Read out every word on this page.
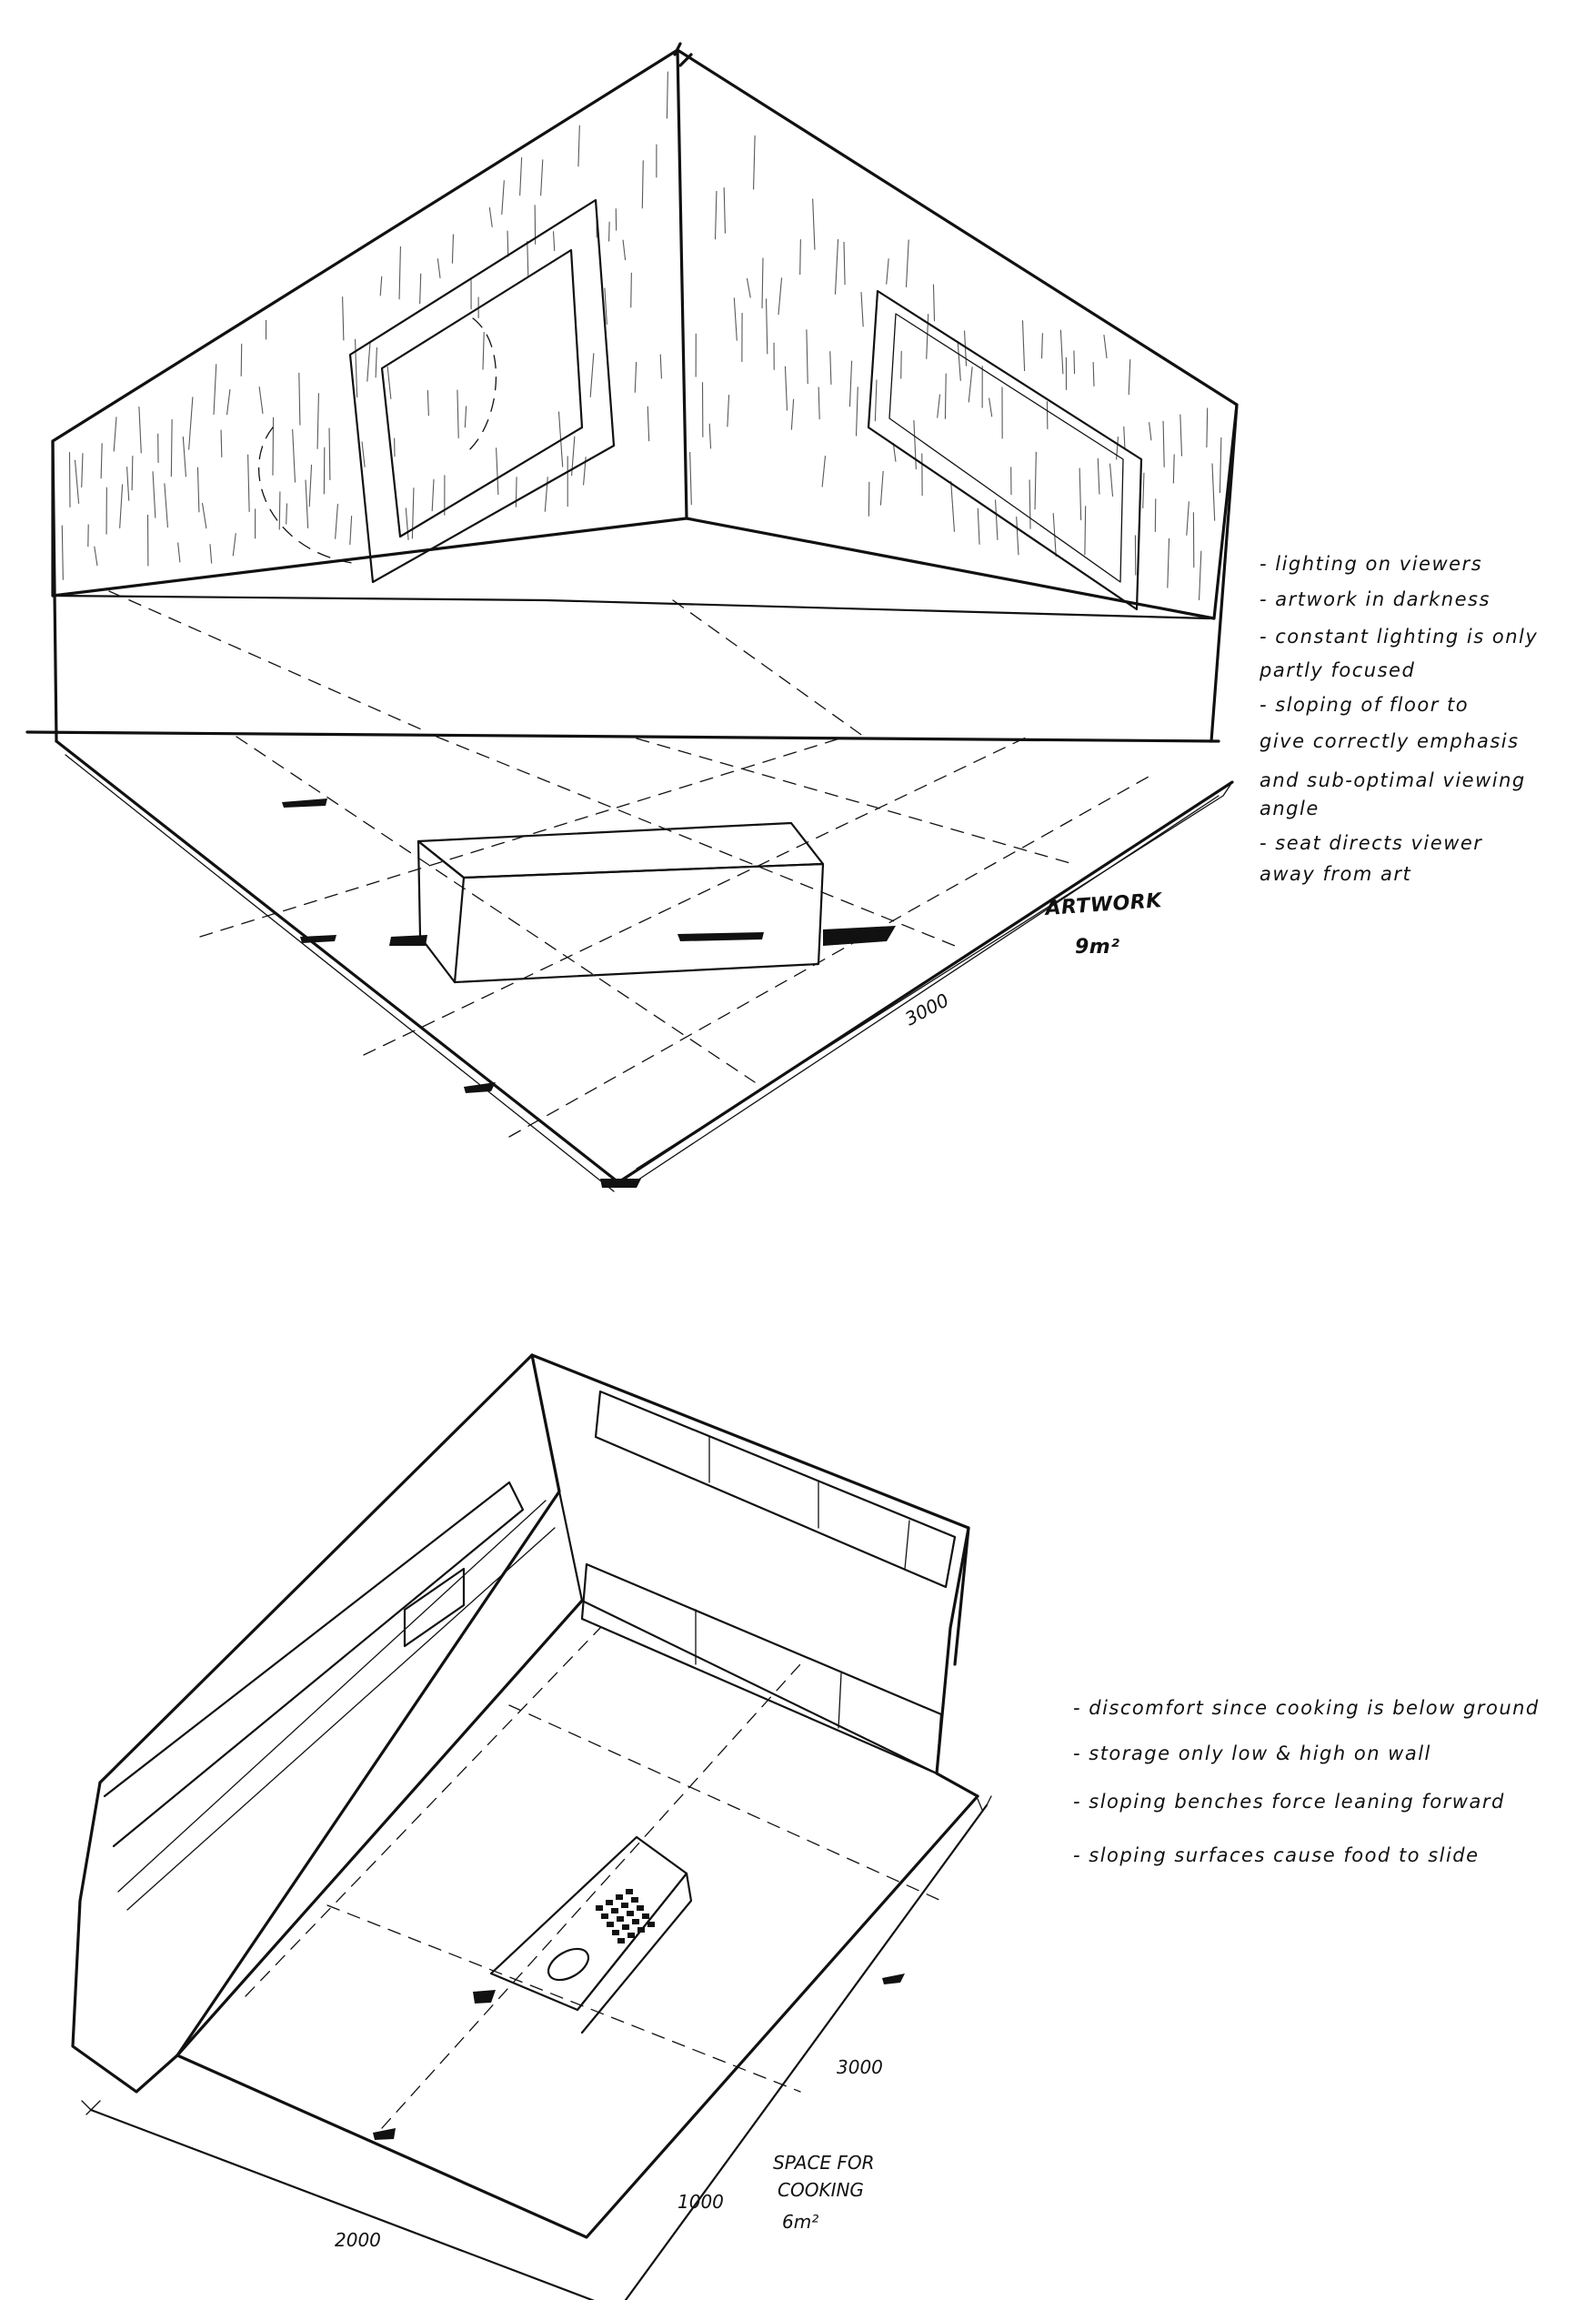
ARTWORK
9m²
3000
- lighting on viewers
- artwork in darkness
- constant lighting is only
partly focused
- sloping of floor to
give correctly emphasis
and sub-optimal viewing
angle
- seat directs viewer
away from art
SPACE FOR
COOKING
6m²
3000
1000
2000
- discomfort since cooking is below ground
- storage only low & high on wall
- sloping benches force leaning forward
- sloping surfaces cause food to slide
